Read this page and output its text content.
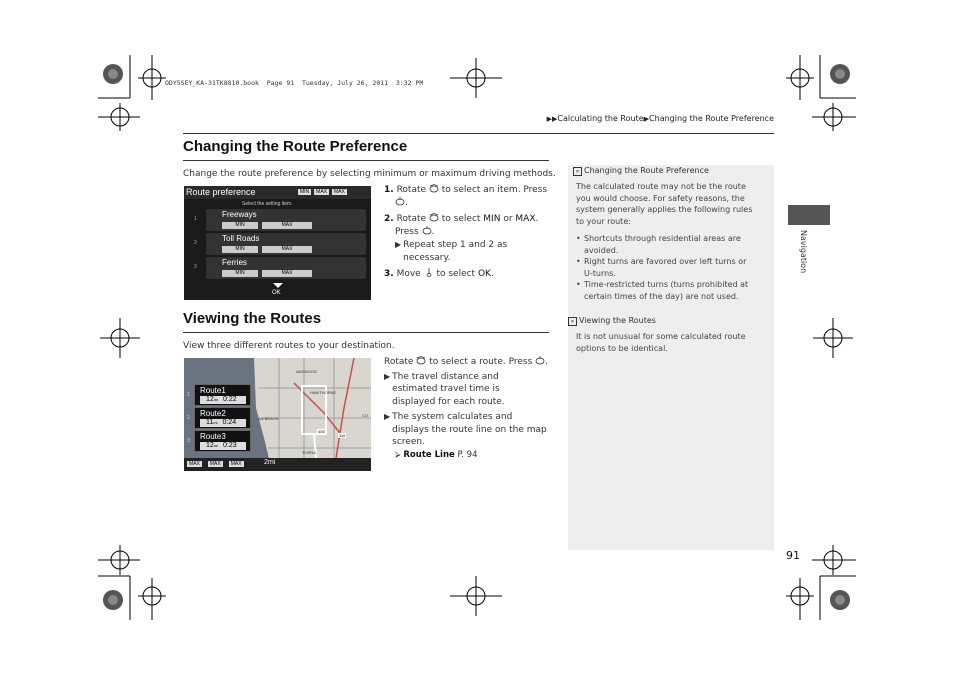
ODY5SEY_KA-31TK8810.book  Page 91  Tuesday, July 26, 2011  3:32 PM
▶▶Calculating the Route▶Changing the Route Preference
Changing the Route Preference
Change the route preference by selecting minimum or maximum driving methods.
Route preference	MIN	MAX	MAX
Select the setting item.
1	Freeways
MIN	MAX
2	Toll Roads
MIN	MAX
3	Ferries
MIN	MAX
OK
1. Rotate to select an item. Press
.
2. Rotate to select MIN or MAX.
Press .
▶ Repeat step 1 and 2 as necessary.
3. Move to select OK.
Viewing the Routes
View three different routes to your destination.
AKEWOOD
HAWTHORNE
AN BEACH
TORRA
CO
405
110
1 Route1
12mi 0:22
2 Route2
11mi 0:24
3 Route3
12mi 0:23
MAX	MAX	MAX	2mi
Rotate to select a route. Press .
▶ The travel distance and estimated travel time is displayed for each route.
▶ The system calculates and displays the route line on the map screen.
⮚ Route Line P. 94
» Changing the Route Preference
The calculated route may not be the route you would choose. For safety reasons, the system generally applies the following rules to your route:
• Shortcuts through residential areas are avoided.
• Right turns are favored over left turns or U-turns.
• Time-restricted turns (turns prohibited at certain times of the day) are not used.
» Viewing the Routes
It is not unusual for some calculated route options to be identical.
Navigation
91
